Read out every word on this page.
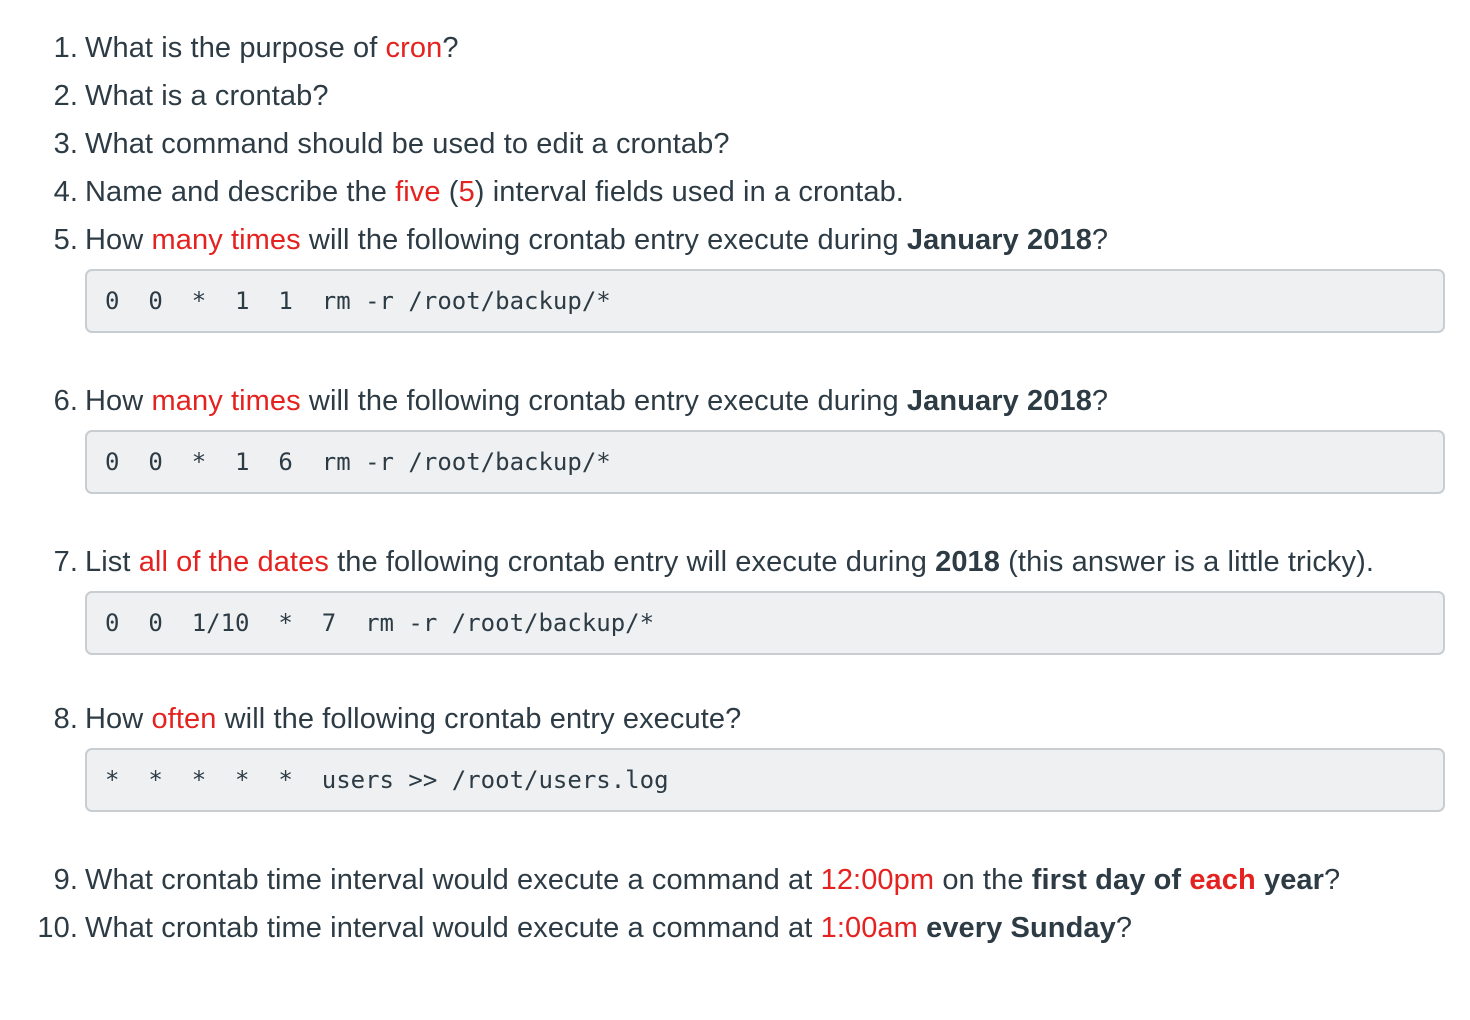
1. What is the purpose of cron?
2. What is a crontab?
3. What command should be used to edit a crontab?
4. Name and describe the five (5) interval fields used in a crontab.
5. How many times will the following crontab entry execute during January 2018?
0  0  *  1  1  rm -r /root/backup/*
6. How many times will the following crontab entry execute during January 2018?
0  0  *  1  6  rm -r /root/backup/*
7. List all of the dates the following crontab entry will execute during 2018 (this answer is a little tricky).
0  0  1/10  *  7  rm -r /root/backup/*
8. How often will the following crontab entry execute?
*  *  *  *  *  users >> /root/users.log
9. What crontab time interval would execute a command at 12:00pm on the first day of each year?
10. What crontab time interval would execute a command at 1:00am every Sunday?
